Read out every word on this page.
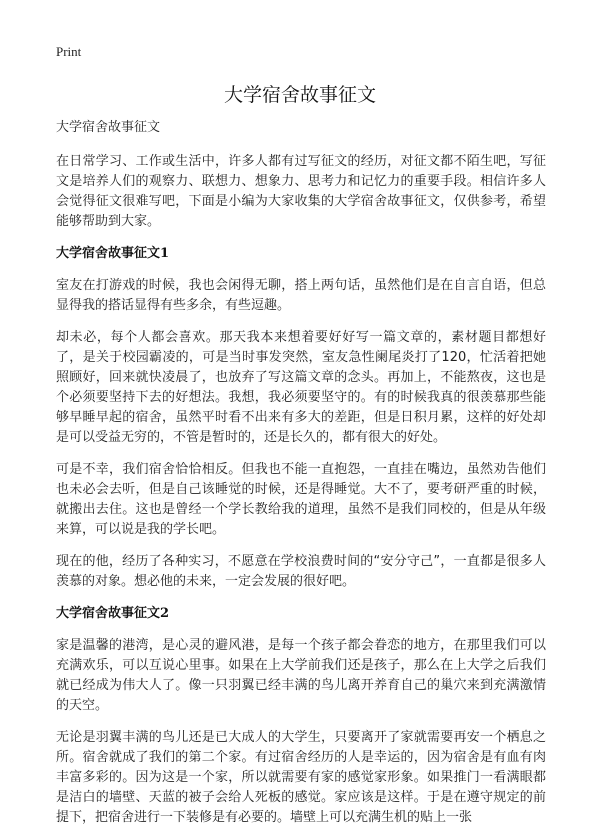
Print
大学宿舍故事征文
大学宿舍故事征文

在日常学习、工作或生活中，许多人都有过写征文的经历，对征文都不陌生吧，写征文是培养人们的观察力、联想力、想象力、思考力和记忆力的重要手段。相信许多人会觉得征文很难写吧，下面是小编为大家收集的大学宿舍故事征文，仅供参考，希望能够帮助到大家。

大学宿舍故事征文1

室友在打游戏的时候，我也会闲得无聊，搭上两句话，虽然他们是在自言自语，但总显得我的搭话显得有些多余，有些逗趣。

却未必，每个人都会喜欢。那天我本来想着要好好写一篇文章的，素材题目都想好了，是关于校园霸凌的，可是当时事发突然，室友急性阑尾炎打了120，忙活着把她照顾好，回来就快凌晨了，也放弃了写这篇文章的念头。再加上，不能熬夜，这也是个必须要坚持下去的好想法。我想，我必须要坚守的。有的时候我真的很羡慕那些能够早睡早起的宿舍，虽然平时看不出来有多大的差距，但是日积月累，这样的好处却是可以受益无穷的，不管是暂时的，还是长久的，都有很大的好处。

可是不幸，我们宿舍恰恰相反。但我也不能一直抱怨，一直挂在嘴边，虽然劝告他们也未必会去听，但是自己该睡觉的时候，还是得睡觉。大不了，要考研严重的时候，就搬出去住。这也是曾经一个学长教给我的道理，虽然不是我们同校的，但是从年级来算，可以说是我的学长吧。

现在的他，经历了各种实习，不愿意在学校浪费时间的“安分守己”，一直都是很多人羡慕的对象。想必他的未来，一定会发展的很好吧。

大学宿舍故事征文2

家是温馨的港湾，是心灵的避风港，是每一个孩子都会眷恋的地方，在那里我们可以充满欢乐，可以互说心里事。如果在上大学前我们还是孩子，那么在上大学之后我们就已经成为伟大人了。像一只羽翼已经丰满的鸟儿离开养育自己的巢穴来到充满激情的天空。

无论是羽翼丰满的鸟儿还是已大成人的大学生，只要离开了家就需要再安一个栖息之所。宿舍就成了我们的第二个家。有过宿舍经历的人是幸运的，因为宿舍是有血有肉丰富多彩的。因为这是一个家，所以就需要有家的感觉家形象。如果推门一看满眼都是洁白的墙壁、天蓝的被子会给人死板的感觉。家应该是这样。于是在遵守规定的前提下，把宿舍进行一下装修是有必要的。墙壁上可以充满生机的贴上一张
